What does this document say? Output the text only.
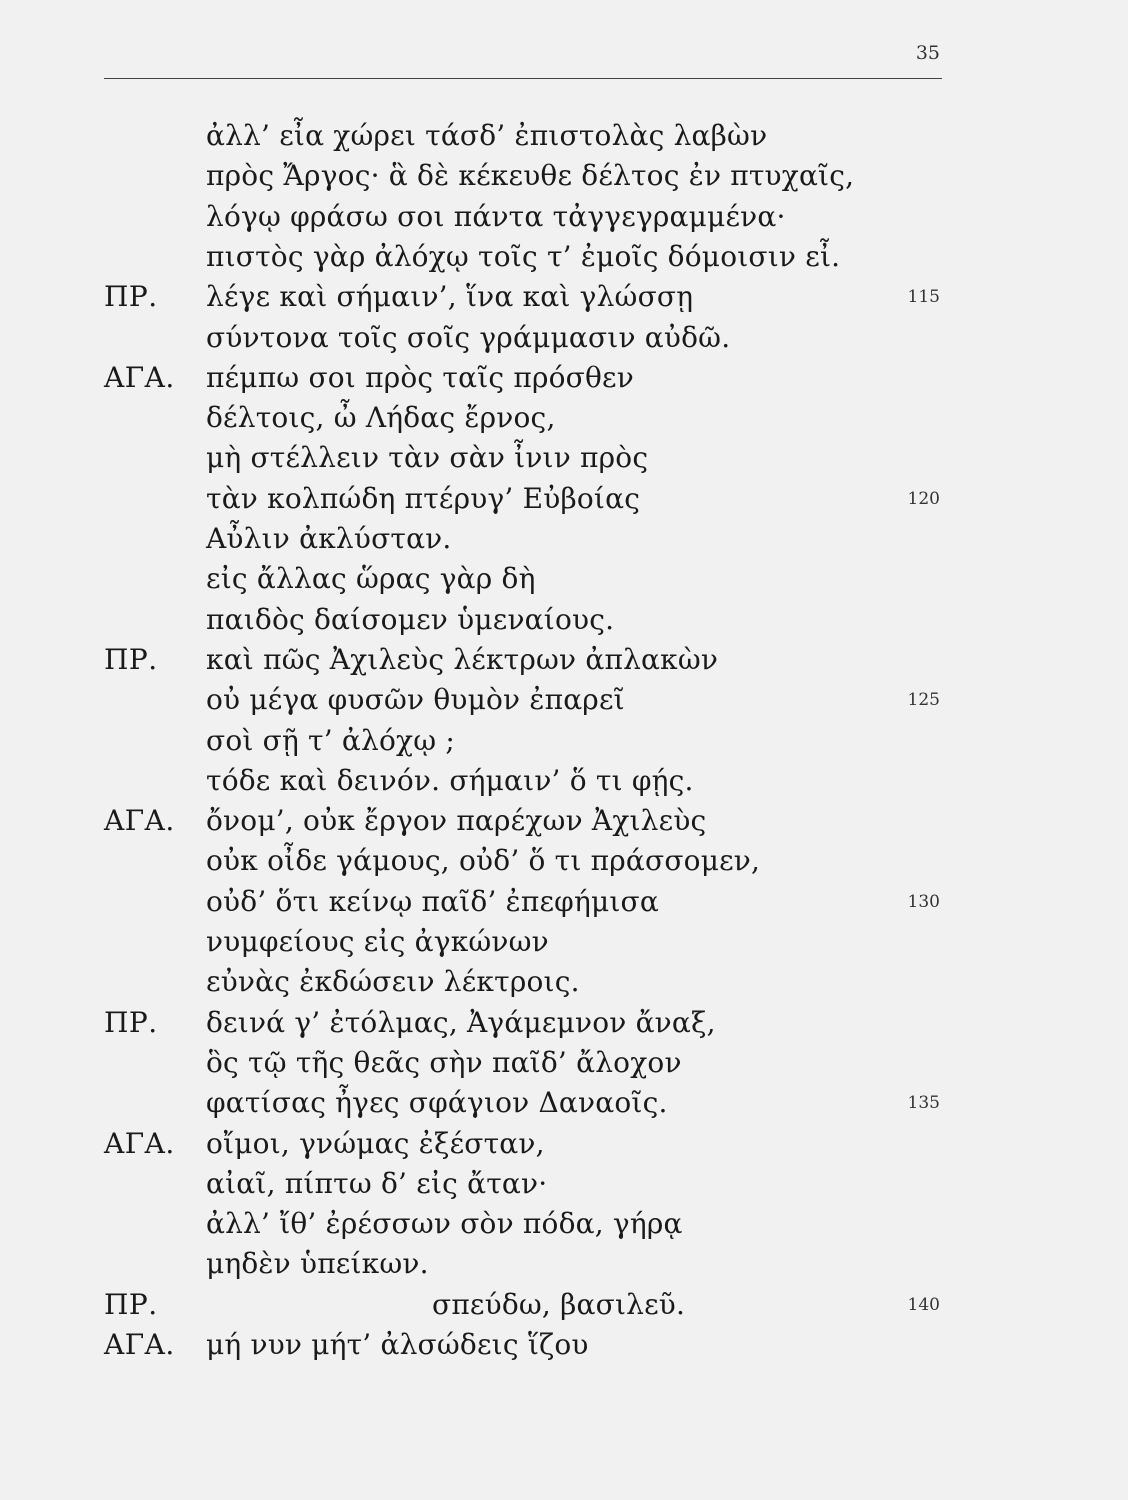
35
ἀλλ’ εἶα χώρει τάσδ’ ἐπιστολὰς λαβὼν
πρὸς Ἄργος· ἃ δὲ κέκευθε δέλτος ἐν πτυχαῖς,
λόγῳ φράσω σοι πάντα τἀγγεγραμμένα·
πιστὸς γὰρ ἀλόχῳ τοῖς τ’ ἐμοῖς δόμοισιν εἶ.
ΠΡ. λέγε καὶ σήμαιν’, ἵνα καὶ γλώσσῃ	115
σύντονα τοῖς σοῖς γράμμασιν αὐδῶ.
ΑΓΑ. πέμπω σοι πρὸς ταῖς πρόσθεν
δέλτοις, ὦ Λήδας ἔρνος,
μὴ στέλλειν τὰν σὰν ἶνιν πρὸς
τὰν κολπώδη πτέρυγ’ Εὐβοίας	120
Αὖλιν ἀκλύσταν.
εἰς ἄλλας ὥρας γὰρ δὴ
παιδὸς δαίσομεν ὑμεναίους.
ΠΡ. καὶ πῶς Ἀχιλεὺς λέκτρων ἀπλακὼν
οὐ μέγα φυσῶν θυμὸν ἐπαρεῖ	125
σοὶ σῇ τ’ ἀλόχῳ ;
τόδε καὶ δεινόν. σήμαιν’ ὅ τι φῄς.
ΑΓΑ. ὄνομ’, οὐκ ἔργον παρέχων Ἀχιλεὺς
οὐκ οἶδε γάμους, οὐδ’ ὅ τι πράσσομεν,
οὐδ’ ὅτι κείνῳ παῖδ’ ἐπεφήμισα	130
νυμφείους εἰς ἀγκώνων
εὐνὰς ἐκδώσειν λέκτροις.
ΠΡ. δεινά γ’ ἐτόλμας, Ἀγάμεμνον ἄναξ,
ὃς τῷ τῆς θεᾶς σὴν παῖδ’ ἄλοχον
φατίσας ἦγες σφάγιον Δαναοῖς.	135
ΑΓΑ. οἴμοι, γνώμας ἐξέσταν,
αἰαῖ, πίπτω δ’ εἰς ἄταν·
ἀλλ’ ἴθ’ ἐρέσσων σὸν πόδα, γήρᾳ
μηδὲν ὑπείκων.
ΠΡ.	σπεύδω, βασιλεῦ.	140
ΑΓΑ. μή νυν μήτ’ ἀλσώδεις ἵζου
